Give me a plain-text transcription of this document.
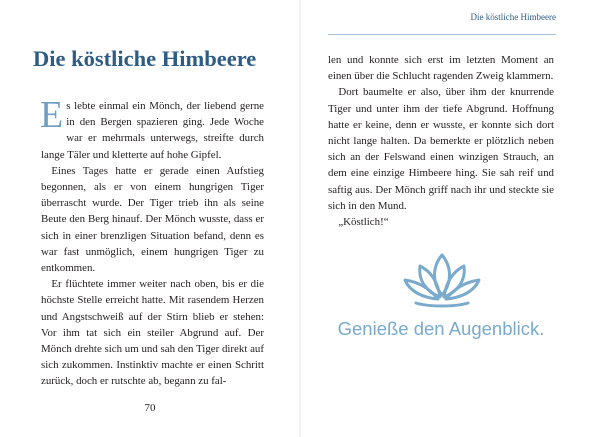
Die köstliche Himbeere

Es lebte einmal ein Mönch, der liebend gerne in den Bergen spazieren ging. Jede Woche war er mehrmals unterwegs, streifte durch lange Täler und kletterte auf hohe Gipfel.

Eines Tages hatte er gerade einen Aufstieg begonnen, als er von einem hungrigen Tiger überrascht wurde. Der Tiger trieb ihn als seine Beute den Berg hinauf. Der Mönch wusste, dass er sich in einer brenzligen Situation befand, denn es war fast unmöglich, einem hungrigen Tiger zu entkommen.

Er flüchtete immer weiter nach oben, bis er die höchste Stelle erreicht hatte. Mit rasendem Herzen und Angstschweiß auf der Stirn blieb er stehen: Vor ihm tat sich ein steiler Abgrund auf. Der Mönch drehte sich um und sah den Tiger direkt auf sich zukommen. Instinktiv machte er einen Schritt zurück, doch er rutschte ab, begann zu fal-

70
Die köstliche Himbeere

len und konnte sich erst im letzten Moment an einen über die Schlucht ragenden Zweig klammern.

Dort baumelte er also, über ihm der knurrende Tiger und unter ihm der tiefe Abgrund. Hoffnung hatte er keine, denn er wusste, er konnte sich dort nicht lange halten. Da bemerkte er plötzlich neben sich an der Felswand einen winzigen Strauch, an dem eine einzige Himbeere hing. Sie sah reif und saftig aus. Der Mönch griff nach ihr und steckte sie sich in den Mund.

„Köstlich!“

Genieße den Augenblick.
